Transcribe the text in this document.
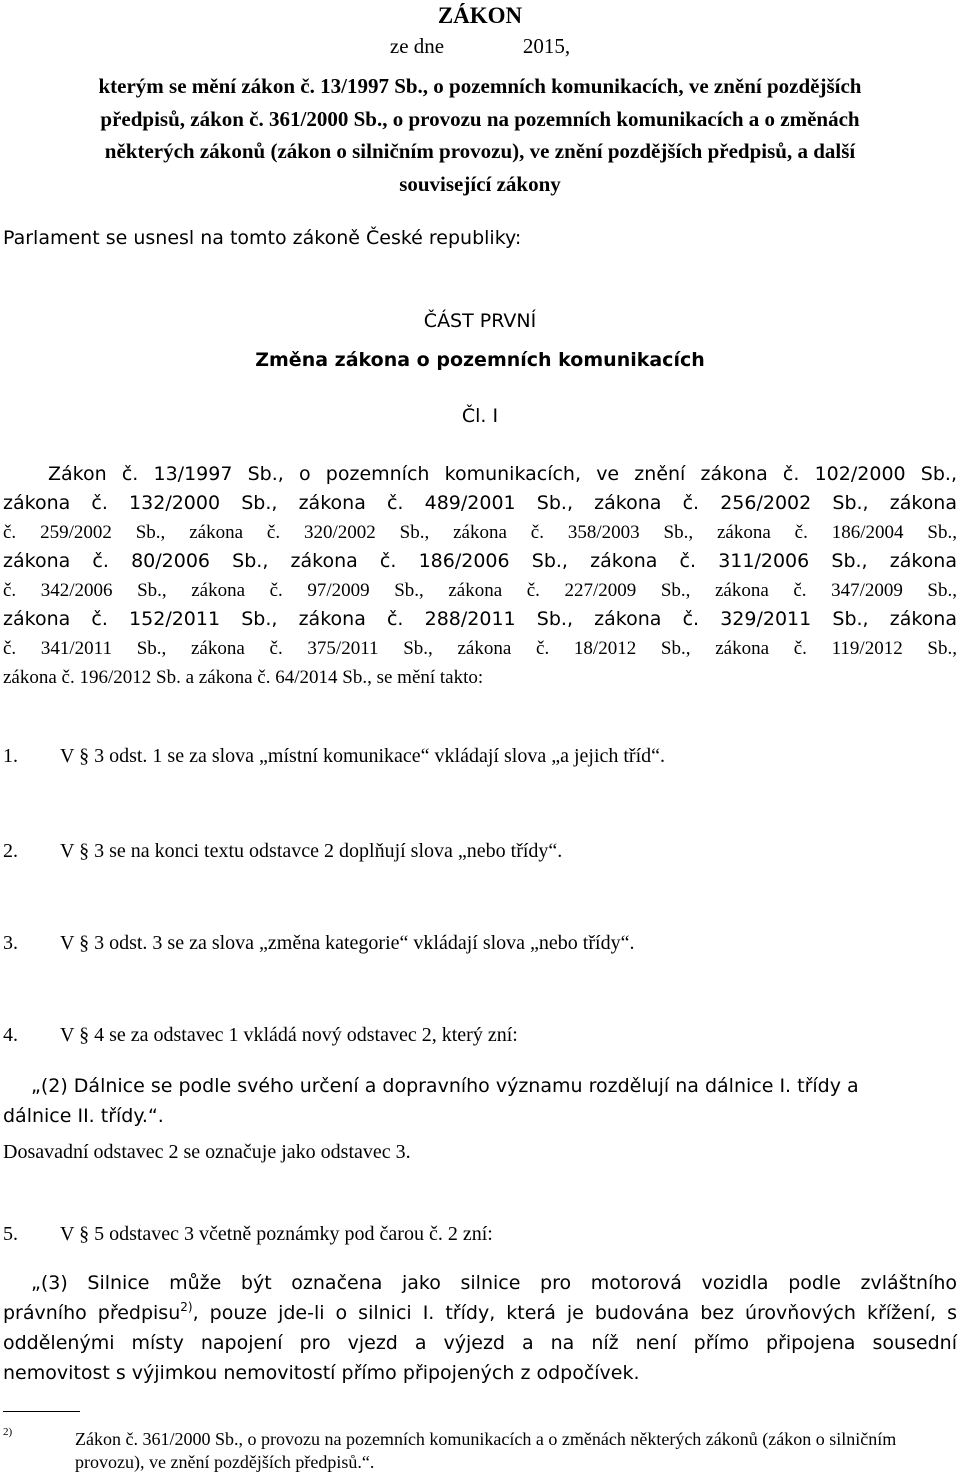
ZÁKON
ze dne               2015,
kterým se mění zákon č. 13/1997 Sb., o pozemních komunikacích, ve znění pozdějších
předpisů, zákon č. 361/2000 Sb., o provozu na pozemních komunikacích a o změnách
některých zákonů (zákon o silničním provozu), ve znění pozdějších předpisů, a další
související zákony
Parlament se usnesl na tomto zákoně České republiky:
ČÁST PRVNÍ
Změna zákona o pozemních komunikacích
Čl. I
Zákon č. 13/1997 Sb., o pozemních komunikacích, ve znění zákona č. 102/2000 Sb.,
zákona č. 132/2000 Sb., zákona č. 489/2001 Sb., zákona č. 256/2002 Sb., zákona
č. 259/2002 Sb., zákona č. 320/2002 Sb., zákona č. 358/2003 Sb., zákona č. 186/2004 Sb.,
zákona č. 80/2006 Sb., zákona č. 186/2006 Sb., zákona č. 311/2006 Sb., zákona
č. 342/2006 Sb., zákona č. 97/2009 Sb., zákona č. 227/2009 Sb., zákona č. 347/2009 Sb.,
zákona č. 152/2011 Sb., zákona č. 288/2011 Sb., zákona č. 329/2011 Sb., zákona
č. 341/2011 Sb., zákona č. 375/2011 Sb., zákona č. 18/2012 Sb., zákona č. 119/2012 Sb.,
zákona č. 196/2012 Sb. a zákona č. 64/2014 Sb., se mění takto:
1. V § 3 odst. 1 se za slova „místní komunikace“ vkládají slova „a jejich tříd“.
2. V § 3 se na konci textu odstavce 2 doplňují slova „nebo třídy“.
3. V § 3 odst. 3 se za slova „změna kategorie“ vkládají slova „nebo třídy“.
4. V § 4 se za odstavec 1 vkládá nový odstavec 2, který zní:
„(2) Dálnice se podle svého určení a dopravního významu rozdělují na dálnice I. třídy a
dálnice II. třídy.“.
Dosavadní odstavec 2 se označuje jako odstavec 3.
5. V § 5 odstavec 3 včetně poznámky pod čarou č. 2 zní:
„(3) Silnice může být označena jako silnice pro motorová vozidla podle zvláštního
právního předpisu$^{2)}$, pouze jde-li o silnici I. třídy, která je budována bez úrovňových křížení, s
oddělenými místy napojení pro vjezd a výjezd a na níž není přímo připojena sousední
nemovitost s výjimkou nemovitostí přímo připojených z odpočívek.
2)	Zákon č. 361/2000 Sb., o provozu na pozemních komunikacích a o změnách některých zákonů (zákon o silničním provozu), ve znění pozdějších předpisů.“.
